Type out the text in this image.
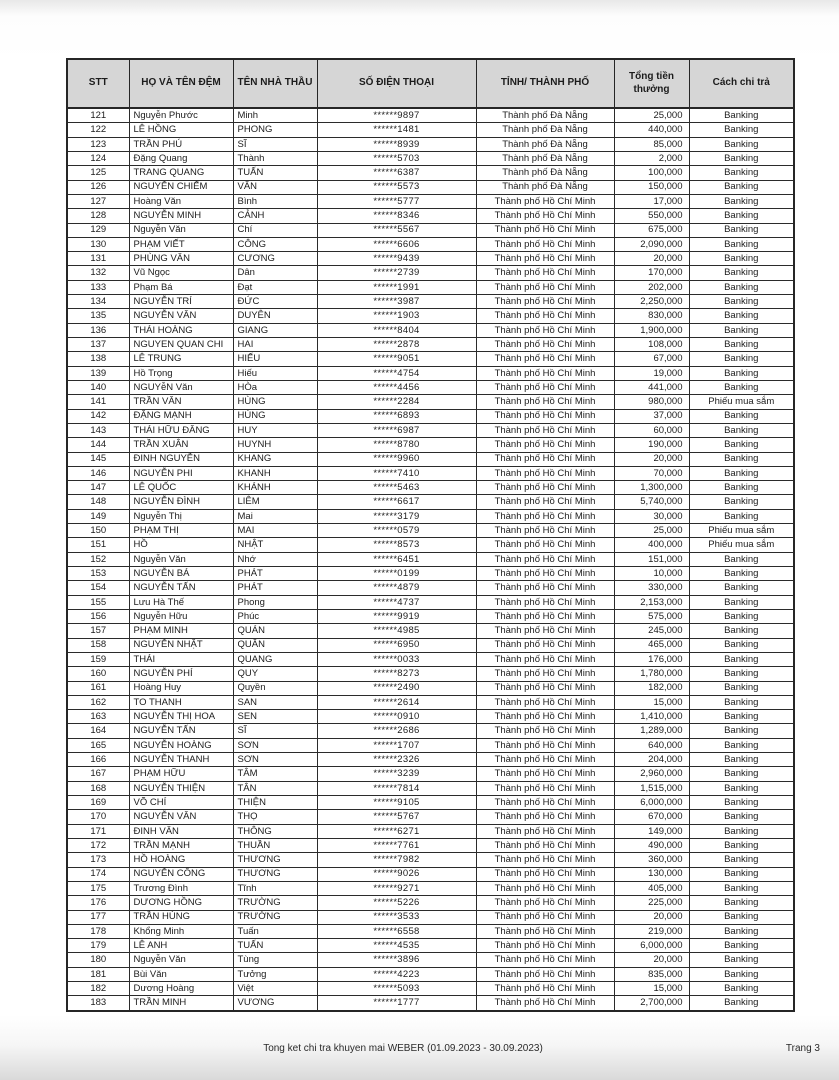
STT	HỌ VÀ TÊN ĐỆM	TÊN NHÀ THẦU	SỐ ĐIỆN THOẠI	TỈNH/ THÀNH PHỐ	Tổng tiền thưởng	Cách chi trả
121	Nguyễn Phước	Minh	******9897	Thành phố Đà Nẵng	25,000	Banking
122	LÊ HỒNG	PHONG	******1481	Thành phố Đà Nẵng	440,000	Banking
123	TRẦN PHÚ	SĨ	******8939	Thành phố Đà Nẵng	85,000	Banking
124	Đặng Quang	Thành	******5703	Thành phố Đà Nẵng	2,000	Banking
125	TRANG QUANG	TUẤN	******6387	Thành phố Đà Nẵng	100,000	Banking
126	NGUYỄN CHIẾM	VĂN	******5573	Thành phố Đà Nẵng	150,000	Banking
127	Hoàng Văn	Bình	******5777	Thành phố Hồ Chí Minh	17,000	Banking
128	NGUYỄN MINH	CẢNH	******8346	Thành phố Hồ Chí Minh	550,000	Banking
129	Nguyễn Văn	Chí	******5567	Thành phố Hồ Chí Minh	675,000	Banking
130	PHẠM VIẾT	CÔNG	******6606	Thành phố Hồ Chí Minh	2,090,000	Banking
131	PHÙNG VĂN	CƯƠNG	******9439	Thành phố Hồ Chí Minh	20,000	Banking
132	Vũ Ngọc	Dân	******2739	Thành phố Hồ Chí Minh	170,000	Banking
133	Phạm Bá	Đạt	******1991	Thành phố Hồ Chí Minh	202,000	Banking
134	NGUYỄN TRÍ	ĐỨC	******3987	Thành phố Hồ Chí Minh	2,250,000	Banking
135	NGUYỄN VĂN	DUYÊN	******1903	Thành phố Hồ Chí Minh	830,000	Banking
136	THÁI HOÀNG	GIANG	******8404	Thành phố Hồ Chí Minh	1,900,000	Banking
137	NGUYEN QUAN CHI	HAI	******2878	Thành phố Hồ Chí Minh	108,000	Banking
138	LÊ TRUNG	HIẾU	******9051	Thành phố Hồ Chí Minh	67,000	Banking
139	Hồ Trọng	Hiếu	******4754	Thành phố Hồ Chí Minh	19,000	Banking
140	NGUYễN Văn	HÒa	******4456	Thành phố Hồ Chí Minh	441,000	Banking
141	TRẦN VĂN	HÙNG	******2284	Thành phố Hồ Chí Minh	980,000	Phiếu mua sắm
142	ĐẶNG MẠNH	HÙNG	******6893	Thành phố Hồ Chí Minh	37,000	Banking
143	THÁI HỮU ĐĂNG	HUY	******6987	Thành phố Hồ Chí Minh	60,000	Banking
144	TRẦN XUÂN	HUYNH	******8780	Thành phố Hồ Chí Minh	190,000	Banking
145	ĐINH NGUYỄN	KHANG	******9960	Thành phố Hồ Chí Minh	20,000	Banking
146	NGUYỄN PHI	KHANH	******7410	Thành phố Hồ Chí Minh	70,000	Banking
147	LÊ QUỐC	KHÁNH	******5463	Thành phố Hồ Chí Minh	1,300,000	Banking
148	NGUYỄN ĐÌNH	LIÊM	******6617	Thành phố Hồ Chí Minh	5,740,000	Banking
149	Nguyễn Thị	Mai	******3179	Thành phố Hồ Chí Minh	30,000	Banking
150	PHẠM THỊ	MAI	******0579	Thành phố Hồ Chí Minh	25,000	Phiếu mua sắm
151	HỒ	NHẬT	******8573	Thành phố Hồ Chí Minh	400,000	Phiếu mua sắm
152	Nguyễn Văn	Nhớ	******6451	Thành phố Hồ Chí Minh	151,000	Banking
153	NGUYỄN BÁ	PHÁT	******0199	Thành phố Hồ Chí Minh	10,000	Banking
154	NGUYỄN TẤN	PHÁT	******4879	Thành phố Hồ Chí Minh	330,000	Banking
155	Lưu Hà Thế	Phong	******4737	Thành phố Hồ Chí Minh	2,153,000	Banking
156	Nguyễn Hữu	Phúc	******9919	Thành phố Hồ Chí Minh	575,000	Banking
157	PHẠM MINH	QUÁN	******4985	Thành phố Hồ Chí Minh	245,000	Banking
158	NGUYỄN NHẬT	QUÂN	******6950	Thành phố Hồ Chí Minh	465,000	Banking
159	THÁI	QUANG	******0033	Thành phố Hồ Chí Minh	176,000	Banking
160	NGUYỄN PHÍ	QUY	******8273	Thành phố Hồ Chí Minh	1,780,000	Banking
161	Hoàng Huy	Quyền	******2490	Thành phố Hồ Chí Minh	182,000	Banking
162	TO THANH	SAN	******2614	Thành phố Hồ Chí Minh	15,000	Banking
163	NGUYỄN THỊ HOA	SEN	******0910	Thành phố Hồ Chí Minh	1,410,000	Banking
164	NGUYỄN TẤN	SĨ	******2686	Thành phố Hồ Chí Minh	1,289,000	Banking
165	NGUYỄN HOÀNG	SƠN	******1707	Thành phố Hồ Chí Minh	640,000	Banking
166	NGUYỄN THANH	SƠN	******2326	Thành phố Hồ Chí Minh	204,000	Banking
167	PHẠM HỮU	TÂM	******3239	Thành phố Hồ Chí Minh	2,960,000	Banking
168	NGUYỄN THIỆN	TÂN	******7814	Thành phố Hồ Chí Minh	1,515,000	Banking
169	VÕ CHÍ	THIỆN	******9105	Thành phố Hồ Chí Minh	6,000,000	Banking
170	NGUYỄN VĂN	THỌ	******5767	Thành phố Hồ Chí Minh	670,000	Banking
171	ĐINH VĂN	THÔNG	******6271	Thành phố Hồ Chí Minh	149,000	Banking
172	TRẦN MẠNH	THUẦN	******7761	Thành phố Hồ Chí Minh	490,000	Banking
173	HỒ HOÀNG	THƯƠNG	******7982	Thành phố Hồ Chí Minh	360,000	Banking
174	NGUYỄN CÔNG	THƯƠNG	******9026	Thành phố Hồ Chí Minh	130,000	Banking
175	Trương Đình	Tĩnh	******9271	Thành phố Hồ Chí Minh	405,000	Banking
176	DƯƠNG HỒNG	TRƯỜNG	******5226	Thành phố Hồ Chí Minh	225,000	Banking
177	TRẦN HÙNG	TRƯỜNG	******3533	Thành phố Hồ Chí Minh	20,000	Banking
178	Khổng Minh	Tuấn	******6558	Thành phố Hồ Chí Minh	219,000	Banking
179	LÊ ANH	TUẤN	******4535	Thành phố Hồ Chí Minh	6,000,000	Banking
180	Nguyễn Văn	Tùng	******3896	Thành phố Hồ Chí Minh	20,000	Banking
181	Bùi Văn	Tưởng	******4223	Thành phố Hồ Chí Minh	835,000	Banking
182	Dương Hoàng	Việt	******5093	Thành phố Hồ Chí Minh	15,000	Banking
183	TRẦN MINH	VƯƠNG	******1777	Thành phố Hồ Chí Minh	2,700,000	Banking
Tong ket chi tra khuyen mai WEBER (01.09.2023 - 30.09.2023)	Trang 3
